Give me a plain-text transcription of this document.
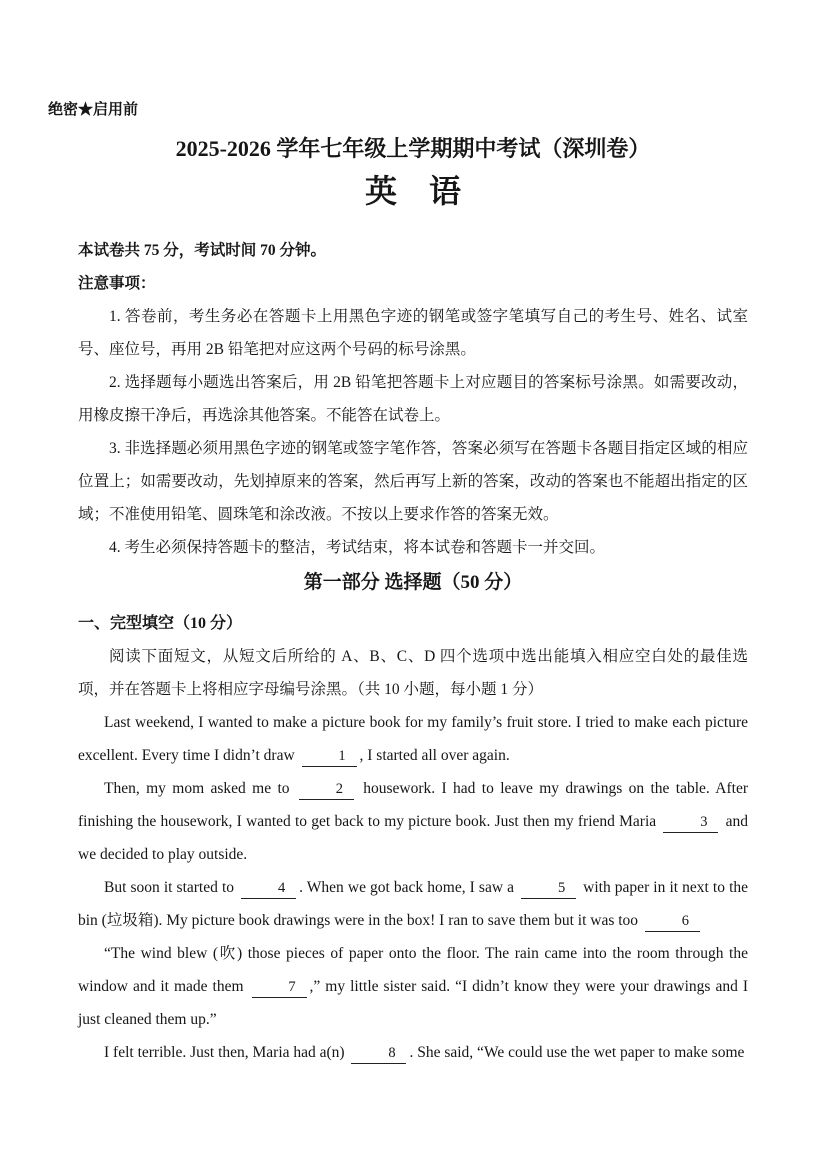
绝密★启用前
2025-2026 学年七年级上学期期中考试（深圳卷）
英　语

本试卷共 75 分，考试时间 70 分钟。

注意事项：

1. 答卷前，考生务必在答题卡上用黑色字迹的钢笔或签字笔填写自己的考生号、姓名、试室号、座位号，再用 2B 铅笔把对应这两个号码的标号涂黑。

2. 选择题每小题选出答案后，用 2B 铅笔把答题卡上对应题目的答案标号涂黑。如需要改动，用橡皮擦干净后，再选涂其他答案。不能答在试卷上。

3. 非选择题必须用黑色字迹的钢笔或签字笔作答，答案必须写在答题卡各题目指定区域的相应位置上；如需要改动，先划掉原来的答案，然后再写上新的答案，改动的答案也不能超出指定的区域；不准使用铅笔、圆珠笔和涂改液。不按以上要求作答的答案无效。

4. 考生必须保持答题卡的整洁，考试结束，将本试卷和答题卡一并交回。

第一部分 选择题（50 分）

一、完型填空（10 分）

阅读下面短文，从短文后所给的 A、B、C、D 四个选项中选出能填入相应空白处的最佳选项，并在答题卡上将相应字母编号涂黑。（共 10 小题，每小题 1 分）

Last weekend, I wanted to make a picture book for my family’s fruit store. I tried to make each picture excellent. Every time I didn’t draw	1 , I started all over again.

Then, my mom asked me to	2 housework. I had to leave my drawings on the table. After finishing the housework, I wanted to get back to my picture book. Just then my friend Maria	3 and we decided to play outside.

But soon it started to	4 . When we got back home, I saw a	5 with paper in it next to the bin (垃圾箱). My picture book drawings were in the box! I ran to save them but it was too	6

“The wind blew (吹) those pieces of paper onto the floor. The rain came into the room through the window and it made them	7 ,” my little sister said. “I didn’t know they were your drawings and I just cleaned them up.”

I felt terrible. Just then, Maria had a(n)	8 . She said, “We could use the wet paper to make some
